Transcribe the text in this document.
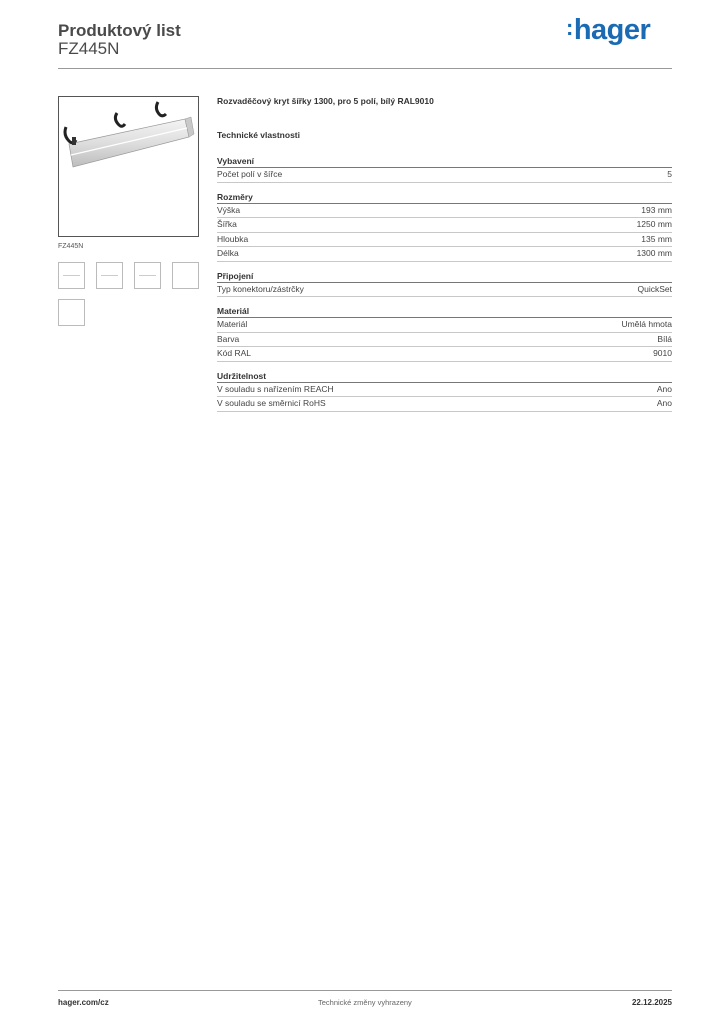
Produktový list
FZ445N
:hager
FZ445N
Rozvaděčový kryt šířky 1300, pro 5 polí, bílý RAL9010
Technické vlastnosti
Vybavení
Počet polí v šířce	5
Rozměry
Výška	193 mm
Šířka	1250 mm
Hloubka	135 mm
Délka	1300 mm
Připojení
Typ konektoru/zástrčky	QuickSet
Materiál
Materiál	Umělá hmota
Barva	Bílá
Kód RAL	9010
Udržitelnost
V souladu s nařízením REACH	Ano
V souladu se směrnicí RoHS	Ano
hager.com/cz	Technické změny vyhrazeny	22.12.2025
